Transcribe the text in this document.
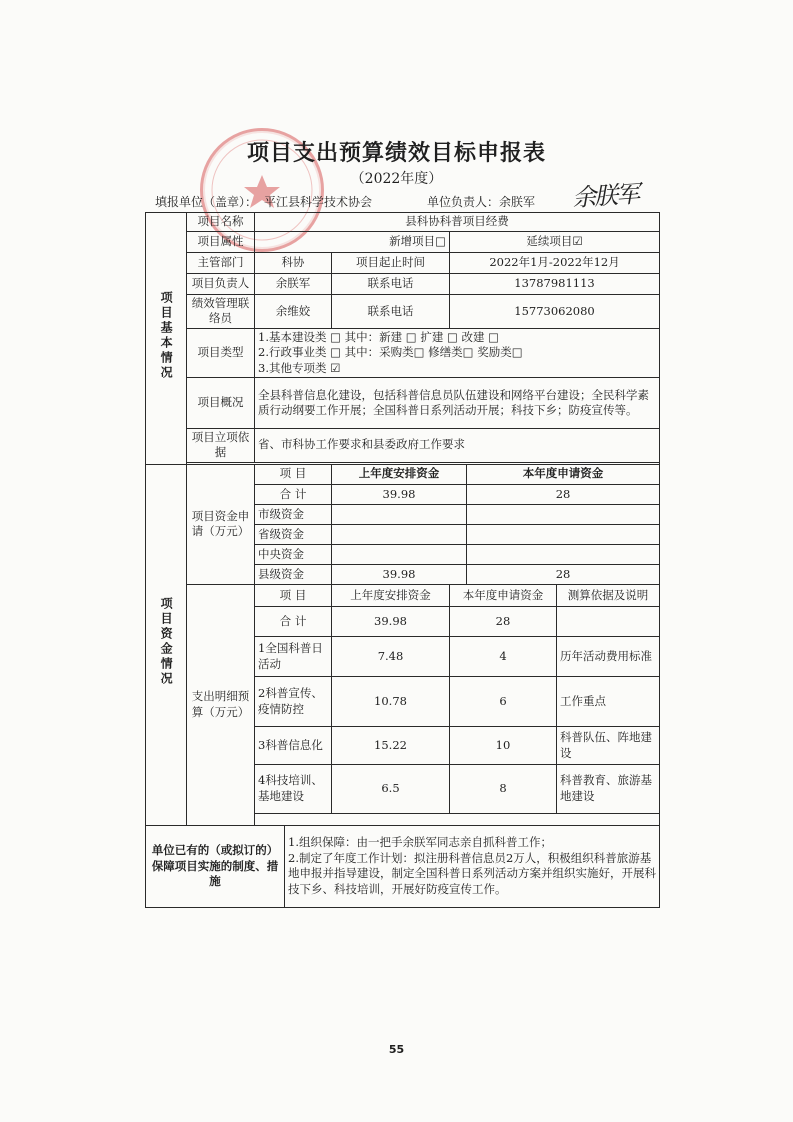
项目支出预算绩效目标申报表
（2022年度）
填报单位（盖章）： 平江县科学技术协会	单位负责人：余朕军 余朕军
项目基本情况	项目名称	县科协科普项目经费					
	项目属性	新增项目□			延续项目☑		
	主管部门	科协		项目起止时间	2022年1月-2022年12月		
	项目负责人	余朕军		联系电话	13787981113		
	绩效管理联络员	余维姣		联系电话	15773062080		
	项目类型	1.基本建设类 □ 其中：新建 □ 扩建 □ 改建 □
2.行政事业类 □ 其中：采购类□ 修缮类□ 奖励类□
3.其他专项类 ☑					

	项目概况	全县科普信息化建设，包括科普信息员队伍建设和网络平台建设；全民科学素质行动纲要工作开展；全国科普日系列活动开展；科技下乡；防疫宣传等。					
	项目立项依据	省、市科协工作要求和县委政府工作要求					

项目资金情况	项目资金申请（万元）	项 目		上年度安排资金		本年度申请资金	
		合 计		39.98		28	
		市级资金					
		省级资金					
		中央资金					
		县级资金		39.98		28	
	支出明细预算（万元）	项 目		上年度安排资金	本年度申请资金		测算依据及说明
		合 计		39.98	28		
		1全国科普日活动		7.48	4		历年活动费用标准
		2科普宣传、疫情防控		10.78	6		工作重点
		3科普信息化		15.22	10		科普队伍、阵地建设
		4科技培训、基地建设		6.5	8		科普教育、旅游基地建设

单位已有的（或拟订的）保障项目实施的制度、措施			1.组织保障：由一把手余朕军同志亲自抓科普工作；
2.制定了年度工作计划：拟注册科普信息员2万人，积极组织科普旅游基地申报并指导建设，制定全国科普日系列活动方案并组织实施好，开展科技下乡、科技培训，开展好防疫宣传工作。				
55
